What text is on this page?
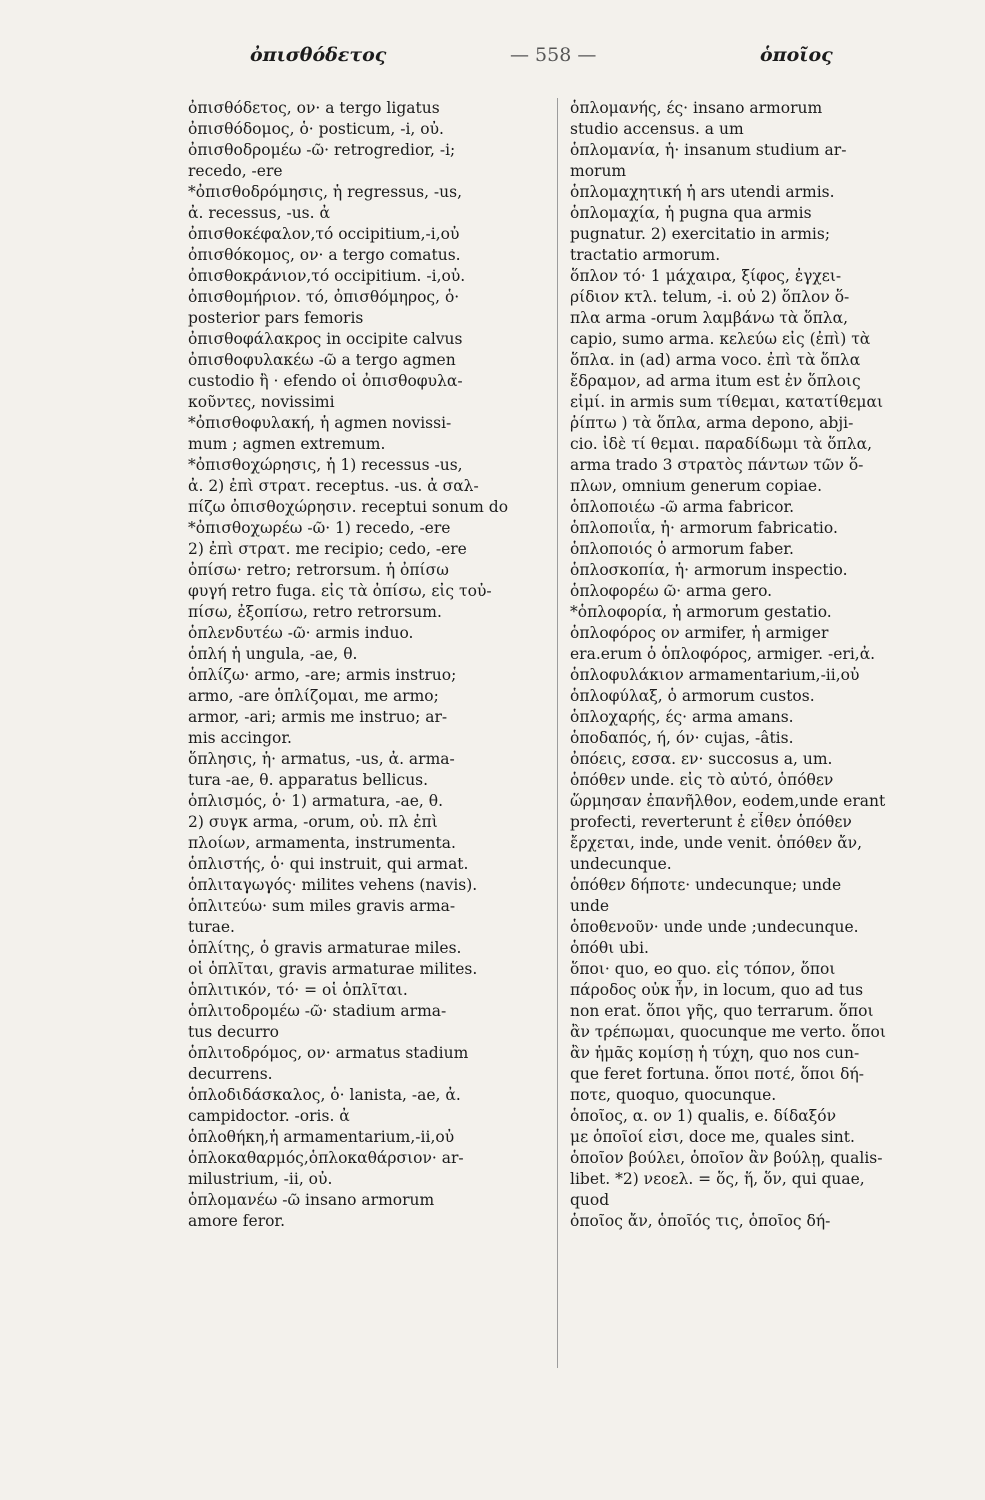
ὀπισθόδετος	— 558 —	ὁποῖος
ὀπισθόδετος, ον· a tergo ligatus
ὀπισθόδομος, ὁ· posticum, -i, οὐ.
ὀπισθοδρομέω -ῶ· retrogredior, -i;
recedo, -ere
*ὀπισθοδρόμησις, ἡ regressus, -us,
ἀ. recessus, -us. ἀ
ὀπισθοκέφαλον,τό occipitium,-i,οὐ
ὀπισθόκομος, ον· a tergo comatus.
ὀπισθοκράνιον,τό occipitium. -i,οὐ.
ὀπισθομήριον. τό, ὀπισθόμηρος, ὁ·
posterior pars femoris
ὀπισθοφάλακρος in occipite calvus
ὀπισθοφυλακέω -ῶ a tergo agmen
custodio ἢ · efendo οἱ ὀπισθοφυλα-
κοῦντες, novissimi
*ὀπισθοφυλακή, ἡ agmen novissi-
mum ; agmen extremum.
*ὀπισθοχώρησις, ἡ 1) recessus -us,
ἀ. 2) ἐπὶ στρατ. receptus. -us. ἀ σαλ-
πίζω ὀπισθοχώρησιν. receptui sonum do
*ὀπισθοχωρέω -ῶ· 1) recedo, -ere
2) ἐπὶ στρατ. me recipio; cedo, -ere
ὀπίσω· retro; retrorsum. ἡ ὀπίσω
φυγή retro fuga. εἰς τὰ ὀπίσω, εἰς τοὐ-
πίσω, ἐξοπίσω, retro retrorsum.
ὁπλενδυτέω -ῶ· armis induo.
ὁπλή ἡ ungula, -ae, θ.
ὁπλίζω· armo, -are; armis instruo;
armo, -are ὁπλίζομαι, me armo;
armor, -ari; armis me instruo; ar-
mis accingor.
ὅπλησις, ἡ· armatus, -us, ἀ. arma-
tura -ae, θ. apparatus bellicus.
ὁπλισμός, ὁ· 1) armatura, -ae, θ.
2) συγκ arma, -orum, οὐ. πλ ἐπὶ
πλοίων, armamenta, instrumenta.
ὁπλιστής, ὁ· qui instruit, qui armat.
ὁπλιταγωγός· milites vehens (navis).
ὁπλιτεύω· sum miles gravis arma-
turae.
ὁπλίτης, ὁ gravis armaturae miles.
οἱ ὁπλῖται, gravis armaturae milites.
ὁπλιτικόν, τό· = οἱ ὁπλῖται.
ὁπλιτοδρομέω -ῶ· stadium arma-
tus decurro
ὁπλιτοδρόμος, ον· armatus stadium
decurrens.
ὁπλοδιδάσκαλος, ὁ· lanista, -ae, ἀ.
campidoctor. -oris. ἀ
ὁπλοθήκη,ἡ armamentarium,-ii,οὐ
ὁπλοκαθαρμός,ὁπλοκαθάρσιον· ar-
milustrium, -ii, οὐ.
ὁπλομανέω -ῶ insano armorum
amore feror.
ὁπλομανής, ές· insano armorum
studio accensus. a um
ὁπλομανία, ἡ· insanum studium ar-
morum
ὁπλομαχητική ἡ ars utendi armis.
ὁπλομαχία, ἡ pugna qua armis
pugnatur. 2) exercitatio in armis;
tractatio armorum.
ὅπλον τό· 1 μάχαιρα, ξίφος, ἐγχει-
ρίδιον κτλ. telum, -i. οὐ 2) ὅπλον ὅ-
πλα arma -orum λαμβάνω τὰ ὅπλα,
capio, sumo arma. κελεύω εἰς (ἐπὶ) τὰ
ὅπλα. in (ad) arma voco. ἐπὶ τὰ ὅπλα
ἔδραμον, ad arma itum est ἐν ὅπλοις
εἰμί. in armis sum τίθεμαι, κατατίθεμαι
ῥίπτω ) τὰ ὅπλα, arma depono, abji-
cio. ἰδὲ τί θεμαι. παραδίδωμι τὰ ὅπλα,
arma trado 3 στρατὸς πάντων τῶν ὅ-
πλων, omnium generum copiae.
ὁπλοποιέω -ῶ arma fabricor.
ὁπλοποιΐα, ἡ· armorum fabricatio.
ὁπλοποιός ὁ armorum faber.
ὁπλοσκοπία, ἡ· armorum inspectio.
ὁπλοφορέω ῶ· arma gero.
*ὁπλοφορία, ἡ armorum gestatio.
ὁπλοφόρος ον armifer, ἡ armiger
era.erum ὁ ὁπλοφόρος, armiger. -eri,ἀ.
ὁπλοφυλάκιον armamentarium,-ii,οὐ
ὁπλοφύλαξ, ὁ armorum custos.
ὁπλοχαρής, ές· arma amans.
ὁποδαπός, ή, όν· cujas, -âtis.
ὀπόεις, εσσα. εν· succosus a, um.
ὁπόθεν unde. εἰς τὸ αὐτό, ὁπόθεν
ὥρμησαν ἐπανῆλθον, eodem,unde erant
profecti, reverterunt ἐ εἶθεν ὁπόθεν
ἔρχεται, inde, unde venit. ὁπόθεν ἄν,
undecunque.
ὁπόθεν δήποτε· undecunque; unde
unde
ὁποθενοῦν· unde unde ;undecunque.
ὁπόθι ubi.
ὅποι· quo, eo quo. εἰς τόπον, ὅποι
πάροδος οὐκ ἦν, in locum, quo ad tus
non erat. ὅποι γῆς, quo terrarum. ὅποι
ἂν τρέπωμαι, quocunque me verto. ὅποι
ἂν ἡμᾶς κομίσῃ ἡ τύχη, quo nos cun-
que feret fortuna. ὅποι ποτέ, ὅποι δή-
ποτε, quoquo, quocunque.
ὁποῖος, α. ον 1) qualis, e. δίδαξόν
με ὁποῖοί εἰσι, doce me, quales sint.
ὁποῖον βούλει, ὁποῖον ἂν βούλῃ, qualis-
libet. *2) νεοελ. = ὅς, ἥ, ὅν, qui quae,
quod
ὁποῖος ἄν, ὁποῖός τις, ὁποῖος δή-
